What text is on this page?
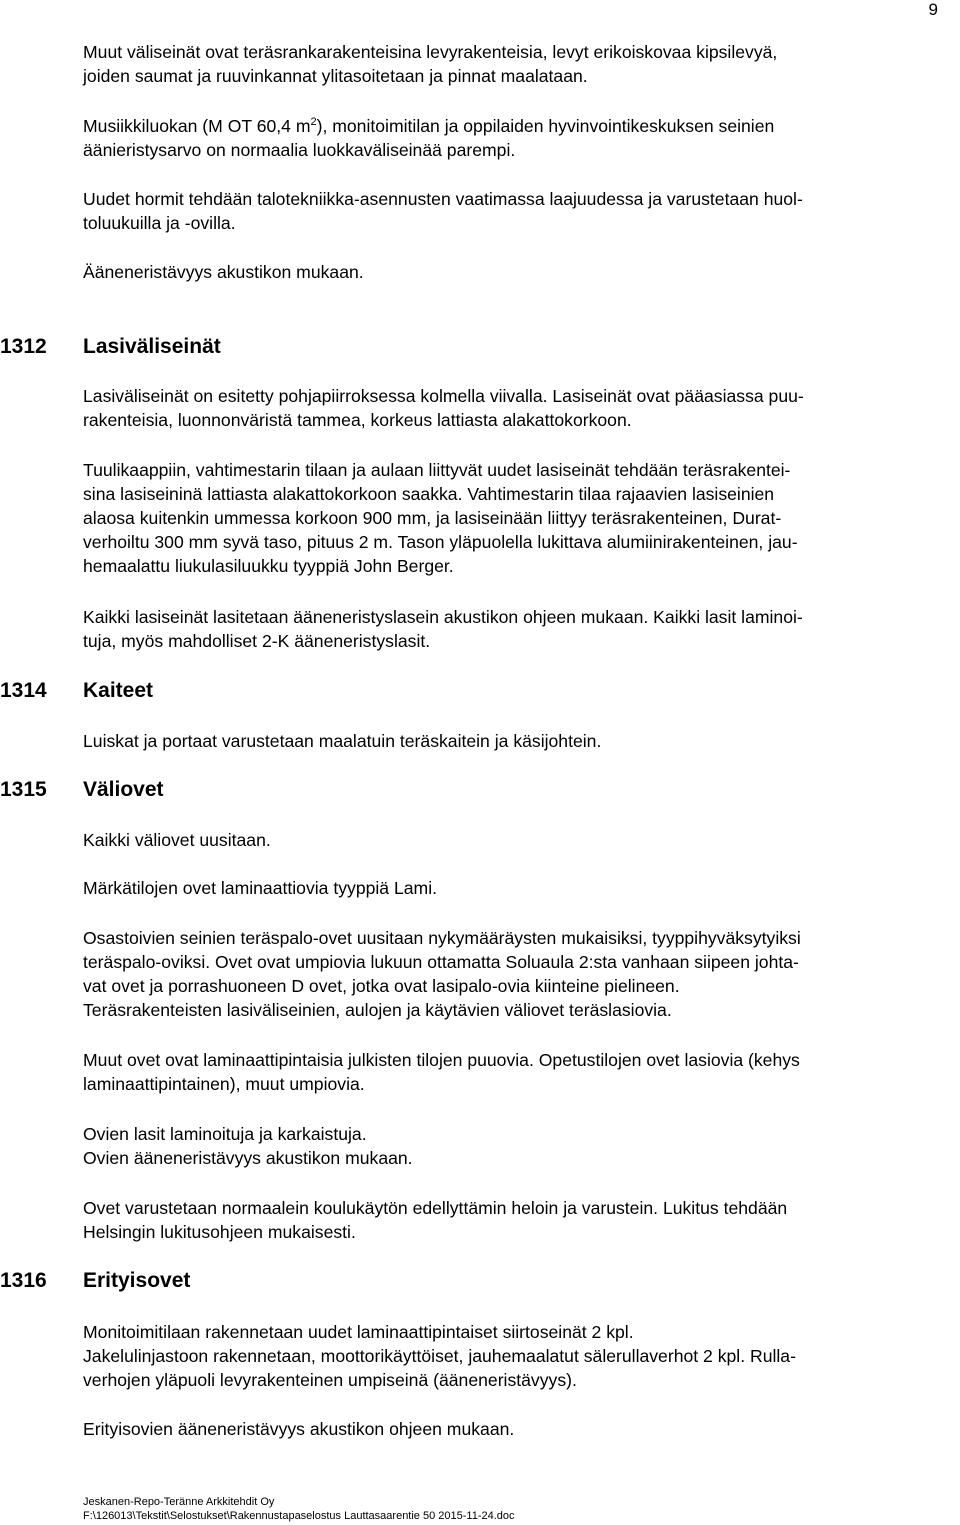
9
Muut väliseinät ovat teräsrankarakenteisina levyrakenteisia, levyt erikoiskovaa kipsilevyä,
joiden saumat ja ruuvinkannat ylitasoitetaan ja pinnat maalataan.
Musiikkiluokan (M OT 60,4 $m^2$), monitoimitilan ja oppilaiden hyvinvointikeskuksen seinien
äänieristysarvo on normaalia luokkaväliseinää parempi.
Uudet hormit tehdään talotekniikka-asennusten vaatimassa laajuudessa ja varustetaan huol-
toluukuilla ja -ovilla.
Ääneneristävyys akustikon mukaan.
1312 Lasiväliseinät
Lasiväliseinät on esitetty pohjapiirroksessa kolmella viivalla. Lasiseinät ovat pääasiassa puu-
rakenteisia, luonnonväristä tammea, korkeus lattiasta alakattokorkoon.
Tuulikaappiin, vahtimestarin tilaan ja aulaan liittyvät uudet lasiseinät tehdään teräsrakentei-
sina lasiseininä lattiasta alakattokorkoon saakka. Vahtimestarin tilaa rajaavien lasiseinien
alaosa kuitenkin ummessa korkoon 900 mm, ja lasiseinään liittyy teräsrakenteinen, Durat-
verhoiltu 300 mm syvä taso, pituus 2 m. Tason yläpuolella lukittava alumiinirakenteinen, jau-
hemaalattu liukulasiluukku tyyppiä John Berger.
Kaikki lasiseinät lasitetaan ääneneristyslasein akustikon ohjeen mukaan. Kaikki lasit laminoi-
tuja, myös mahdolliset 2-K ääneneristyslasit.
1314 Kaiteet
Luiskat ja portaat varustetaan maalatuin teräskaitein ja käsijohtein.
1315 Väliovet
Kaikki väliovet uusitaan.
Märkätilojen ovet laminaattiovia tyyppiä Lami.
Osastoivien seinien teräspalo-ovet uusitaan nykymääräysten mukaisiksi, tyyppihyväksytyiksi
teräspalo-oviksi. Ovet ovat umpiovia lukuun ottamatta Soluaula 2:sta vanhaan siipeen johta-
vat ovet ja porrashuoneen D ovet, jotka ovat lasipalo-ovia kiinteine pielineen.
Teräsrakenteisten lasiväliseinien, aulojen ja käytävien väliovet teräslasiovia.
Muut ovet ovat laminaattipintaisia julkisten tilojen puuovia. Opetustilojen ovet lasiovia (kehys
laminaattipintainen), muut umpiovia.
Ovien lasit laminoituja ja karkaistuja.
Ovien ääneneristävyys akustikon mukaan.
Ovet varustetaan normaalein koulukäytön edellyttämin heloin ja varustein. Lukitus tehdään
Helsingin lukitusohjeen mukaisesti.
1316 Erityisovet
Monitoimitilaan rakennetaan uudet laminaattipintaiset siirtoseinät 2 kpl.
Jakelulinjastoon rakennetaan, moottorikäyttöiset, jauhemaalatut sälerullaverhot 2 kpl. Rulla-
verhojen yläpuoli levyrakenteinen umpiseinä (ääneneristävyys).
Erityisovien ääneneristävyys akustikon ohjeen mukaan.
Jeskanen-Repo-Teränne Arkkitehdit Oy
F:\126013\Tekstit\Selostukset\Rakennustapaselostus Lauttasaarentie 50 2015-11-24.doc
